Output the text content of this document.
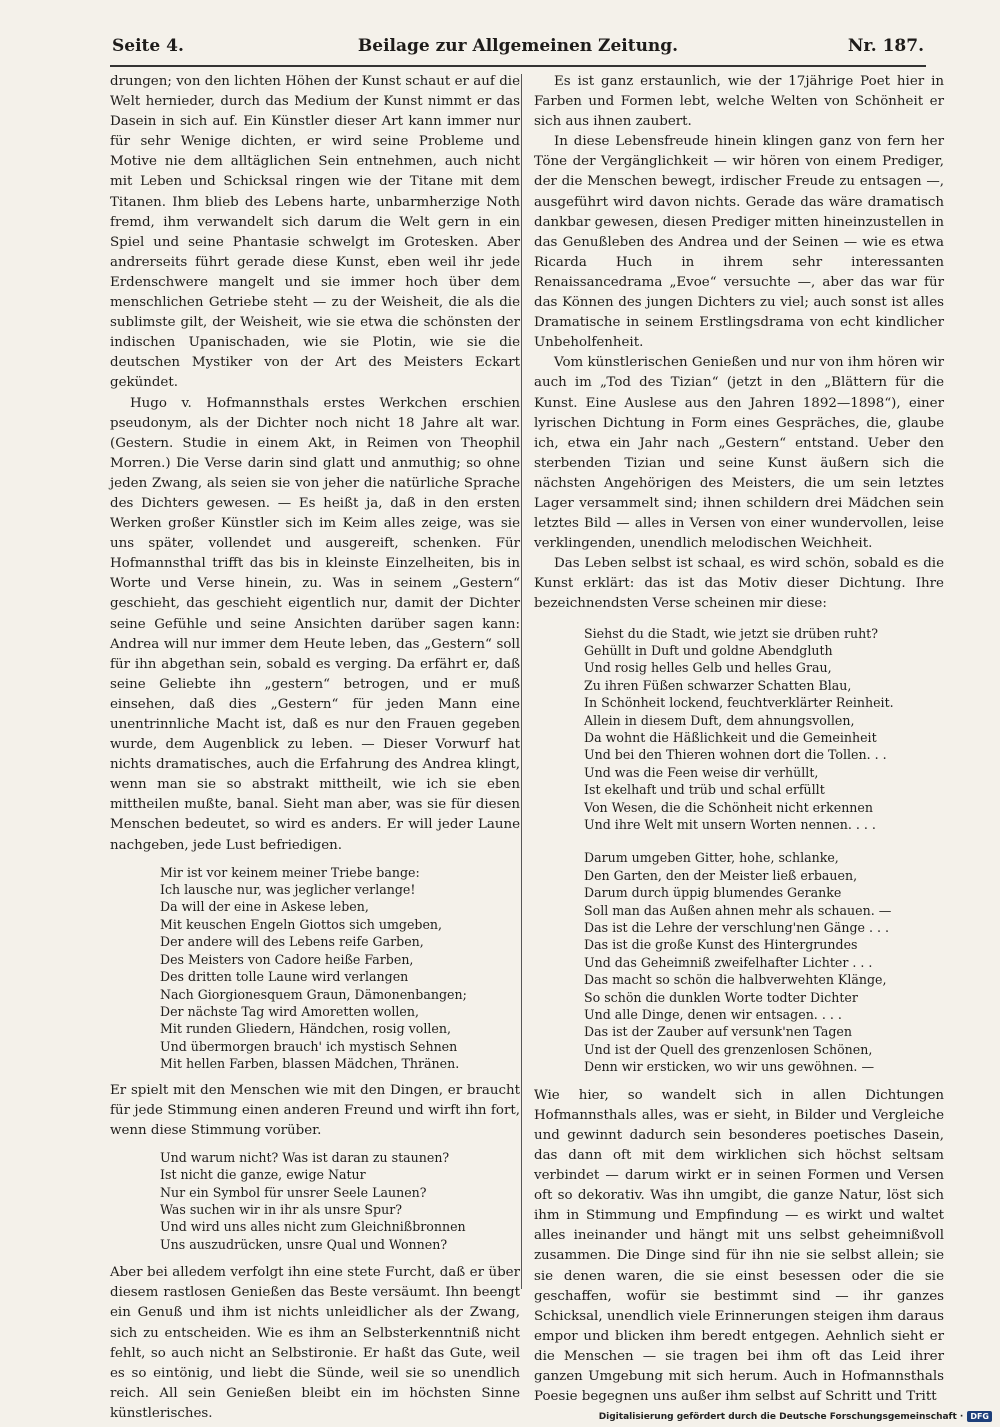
Seite 4.	Beilage zur Allgemeinen Zeitung.	Nr. 187.

drungen; von den lichten Höhen der Kunst schaut er auf die Welt hernieder, durch das Medium der Kunst nimmt er das Dasein in sich auf. Ein Künstler dieser Art kann immer nur für sehr Wenige dichten, er wird seine Probleme und Motive nie dem alltäglichen Sein entnehmen, auch nicht mit Leben und Schicksal ringen wie der Titane mit dem Titanen. Ihm blieb des Lebens harte, unbarmherzige Noth fremd, ihm verwandelt sich darum die Welt gern in ein Spiel und seine Phantasie schwelgt im Grotesken. Aber andrerseits führt gerade diese Kunst, eben weil ihr jede Erdenschwere mangelt und sie immer hoch über dem menschlichen Getriebe steht — zu der Weisheit, die als die sublimste gilt, der Weisheit, wie sie etwa die schönsten der indischen Upanischaden, wie sie Plotin, wie sie die deutschen Mystiker von der Art des Meisters Eckart gekündet.

Hugo v. Hofmannsthals erstes Werkchen erschien pseudonym, als der Dichter noch nicht 18 Jahre alt war. (Gestern. Studie in einem Akt, in Reimen von Theophil Morren.) Die Verse darin sind glatt und anmuthig; so ohne jeden Zwang, als seien sie von jeher die natürliche Sprache des Dichters gewesen. — Es heißt ja, daß in den ersten Werken großer Künstler sich im Keim alles zeige, was sie uns später, vollendet und ausgereift, schenken. Für Hofmannsthal trifft das bis in kleinste Einzelheiten, bis in Worte und Verse hinein, zu. Was in seinem „Gestern“ geschieht, das geschieht eigentlich nur, damit der Dichter seine Gefühle und seine Ansichten darüber sagen kann: Andrea will nur immer dem Heute leben, das „Gestern“ soll für ihn abgethan sein, sobald es verging. Da erfährt er, daß seine Geliebte ihn „gestern“ betrogen, und er muß einsehen, daß dies „Gestern“ für jeden Mann eine unentrinnliche Macht ist, daß es nur den Frauen gegeben wurde, dem Augenblick zu leben. — Dieser Vorwurf hat nichts dramatisches, auch die Erfahrung des Andrea klingt, wenn man sie so abstrakt mittheilt, wie ich sie eben mittheilen mußte, banal. Sieht man aber, was sie für diesen Menschen bedeutet, so wird es anders. Er will jeder Laune nachgeben, jede Lust befriedigen.

Mir ist vor keinem meiner Triebe bange:
Ich lausche nur, was jeglicher verlange!
Da will der eine in Askese leben,
Mit keuschen Engeln Giottos sich umgeben,
Der andere will des Lebens reife Garben,
Des Meisters von Cadore heiße Farben,
Des dritten tolle Laune wird verlangen
Nach Giorgionesquem Graun, Dämonenbangen;
Der nächste Tag wird Amoretten wollen,
Mit runden Gliedern, Händchen, rosig vollen,
Und übermorgen brauch' ich mystisch Sehnen
Mit hellen Farben, blassen Mädchen, Thränen.

Er spielt mit den Menschen wie mit den Dingen, er braucht für jede Stimmung einen anderen Freund und wirft ihn fort, wenn diese Stimmung vorüber.

Und warum nicht? Was ist daran zu staunen?
Ist nicht die ganze, ewige Natur
Nur ein Symbol für unsrer Seele Launen?
Was suchen wir in ihr als unsre Spur?
Und wird uns alles nicht zum Gleichnißbronnen
Uns auszudrücken, unsre Qual und Wonnen?

Aber bei alledem verfolgt ihn eine stete Furcht, daß er über diesem rastlosen Genießen das Beste versäumt. Ihn beengt ein Genuß und ihm ist nichts unleidlicher als der Zwang, sich zu entscheiden. Wie es ihm an Selbsterkenntniß nicht fehlt, so auch nicht an Selbstironie. Er haßt das Gute, weil es so eintönig, und liebt die Sünde, weil sie so unendlich reich. All sein Genießen bleibt ein im höchsten Sinne künstlerisches.

Es ist ganz erstaunlich, wie der 17jährige Poet hier in Farben und Formen lebt, welche Welten von Schönheit er sich aus ihnen zaubert.

In diese Lebensfreude hinein klingen ganz von fern her Töne der Vergänglichkeit — wir hören von einem Prediger, der die Menschen bewegt, irdischer Freude zu entsagen —, ausgeführt wird davon nichts. Gerade das wäre dramatisch dankbar gewesen, diesen Prediger mitten hineinzustellen in das Genußleben des Andrea und der Seinen — wie es etwa Ricarda Huch in ihrem sehr interessanten Renaissancedrama „Evoe“ versuchte —, aber das war für das Können des jungen Dichters zu viel; auch sonst ist alles Dramatische in seinem Erstlingsdrama von echt kindlicher Unbeholfenheit.

Vom künstlerischen Genießen und nur von ihm hören wir auch im „Tod des Tizian“ (jetzt in den „Blättern für die Kunst. Eine Auslese aus den Jahren 1892—1898“), einer lyrischen Dichtung in Form eines Gespräches, die, glaube ich, etwa ein Jahr nach „Gestern“ entstand. Ueber den sterbenden Tizian und seine Kunst äußern sich die nächsten Angehörigen des Meisters, die um sein letztes Lager versammelt sind; ihnen schildern drei Mädchen sein letztes Bild — alles in Versen von einer wundervollen, leise verklingenden, unendlich melodischen Weichheit.

Das Leben selbst ist schaal, es wird schön, sobald es die Kunst erklärt: das ist das Motiv dieser Dichtung. Ihre bezeichnendsten Verse scheinen mir diese:

Siehst du die Stadt, wie jetzt sie drüben ruht?
Gehüllt in Duft und goldne Abendgluth
Und rosig helles Gelb und helles Grau,
Zu ihren Füßen schwarzer Schatten Blau,
In Schönheit lockend, feuchtverklärter Reinheit.
Allein in diesem Duft, dem ahnungsvollen,
Da wohnt die Häßlichkeit und die Gemeinheit
Und bei den Thieren wohnen dort die Tollen. . .
Und was die Feen weise dir verhüllt,
Ist ekelhaft und trüb und schal erfüllt
Von Wesen, die die Schönheit nicht erkennen
Und ihre Welt mit unsern Worten nennen. . . .
Darum umgeben Gitter, hohe, schlanke,
Den Garten, den der Meister ließ erbauen,
Darum durch üppig blumendes Geranke
Soll man das Außen ahnen mehr als schauen. —
Das ist die Lehre der verschlung'nen Gänge . . .
Das ist die große Kunst des Hintergrundes
Und das Geheimniß zweifelhafter Lichter . . .
Das macht so schön die halbverwehten Klänge,
So schön die dunklen Worte todter Dichter
Und alle Dinge, denen wir entsagen. . . .
Das ist der Zauber auf versunk'nen Tagen
Und ist der Quell des grenzenlosen Schönen,
Denn wir ersticken, wo wir uns gewöhnen. —

Wie hier, so wandelt sich in allen Dichtungen Hofmannsthals alles, was er sieht, in Bilder und Vergleiche und gewinnt dadurch sein besonderes poetisches Dasein, das dann oft mit dem wirklichen sich höchst seltsam verbindet — darum wirkt er in seinen Formen und Versen oft so dekorativ. Was ihn umgibt, die ganze Natur, löst sich ihm in Stimmung und Empfindung — es wirkt und waltet alles ineinander und hängt mit uns selbst geheimnißvoll zusammen. Die Dinge sind für ihn nie sie selbst allein; sie sie denen waren, die sie einst besessen oder die sie geschaffen, wofür sie bestimmt sind — ihr ganzes Schicksal, unendlich viele Erinnerungen steigen ihm daraus empor und blicken ihm beredt entgegen. Aehnlich sieht er die Menschen — sie tragen bei ihm oft das Leid ihrer ganzen Umgebung mit sich herum. Auch in Hofmannsthals Poesie begegnen uns außer ihm selbst auf Schritt und Tritt

Digitalisierung gefördert durch die Deutsche Forschungsgemeinschaft · DFG
